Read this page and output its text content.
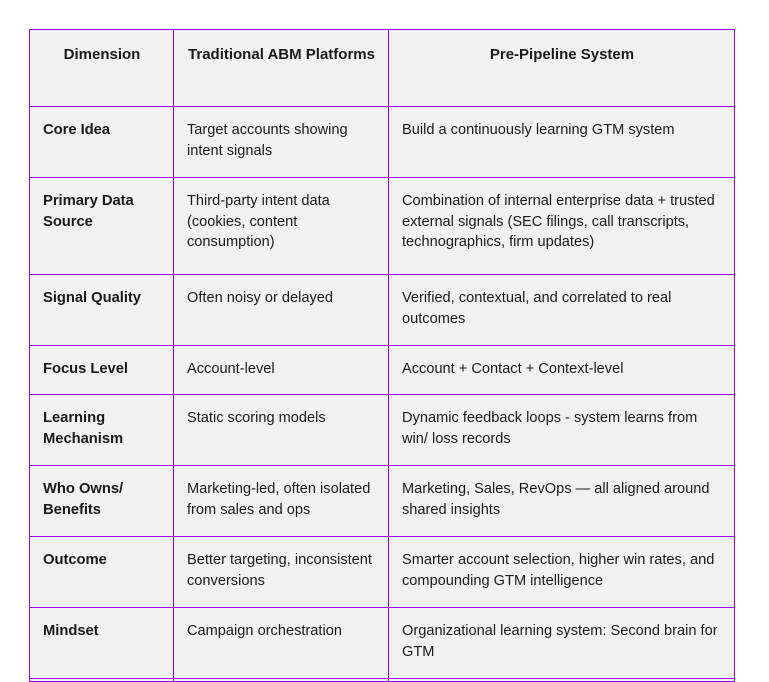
Dimension	Traditional ABM Platforms	Pre-Pipeline System
Core Idea	Target accounts showing intent signals	Build a continuously learning GTM system
Primary Data Source	Third-party intent data (cookies, content consumption)	Combination of internal enterprise data + trusted external signals (SEC filings, call transcripts, technographics, firm updates)
Signal Quality	Often noisy or delayed	Verified, contextual, and correlated to real outcomes
Focus Level	Account-level	Account + Contact + Context-level
Learning Mechanism	Static scoring models	Dynamic feedback loops - system learns from win/ loss records
Who Owns/ Benefits	Marketing-led, often isolated from sales and ops	Marketing, Sales, RevOps — all aligned around shared insights
Outcome	Better targeting, inconsistent conversions	Smarter account selection, higher win rates, and compounding GTM intelligence
Mindset	Campaign orchestration	Organizational learning system: Second brain for GTM
